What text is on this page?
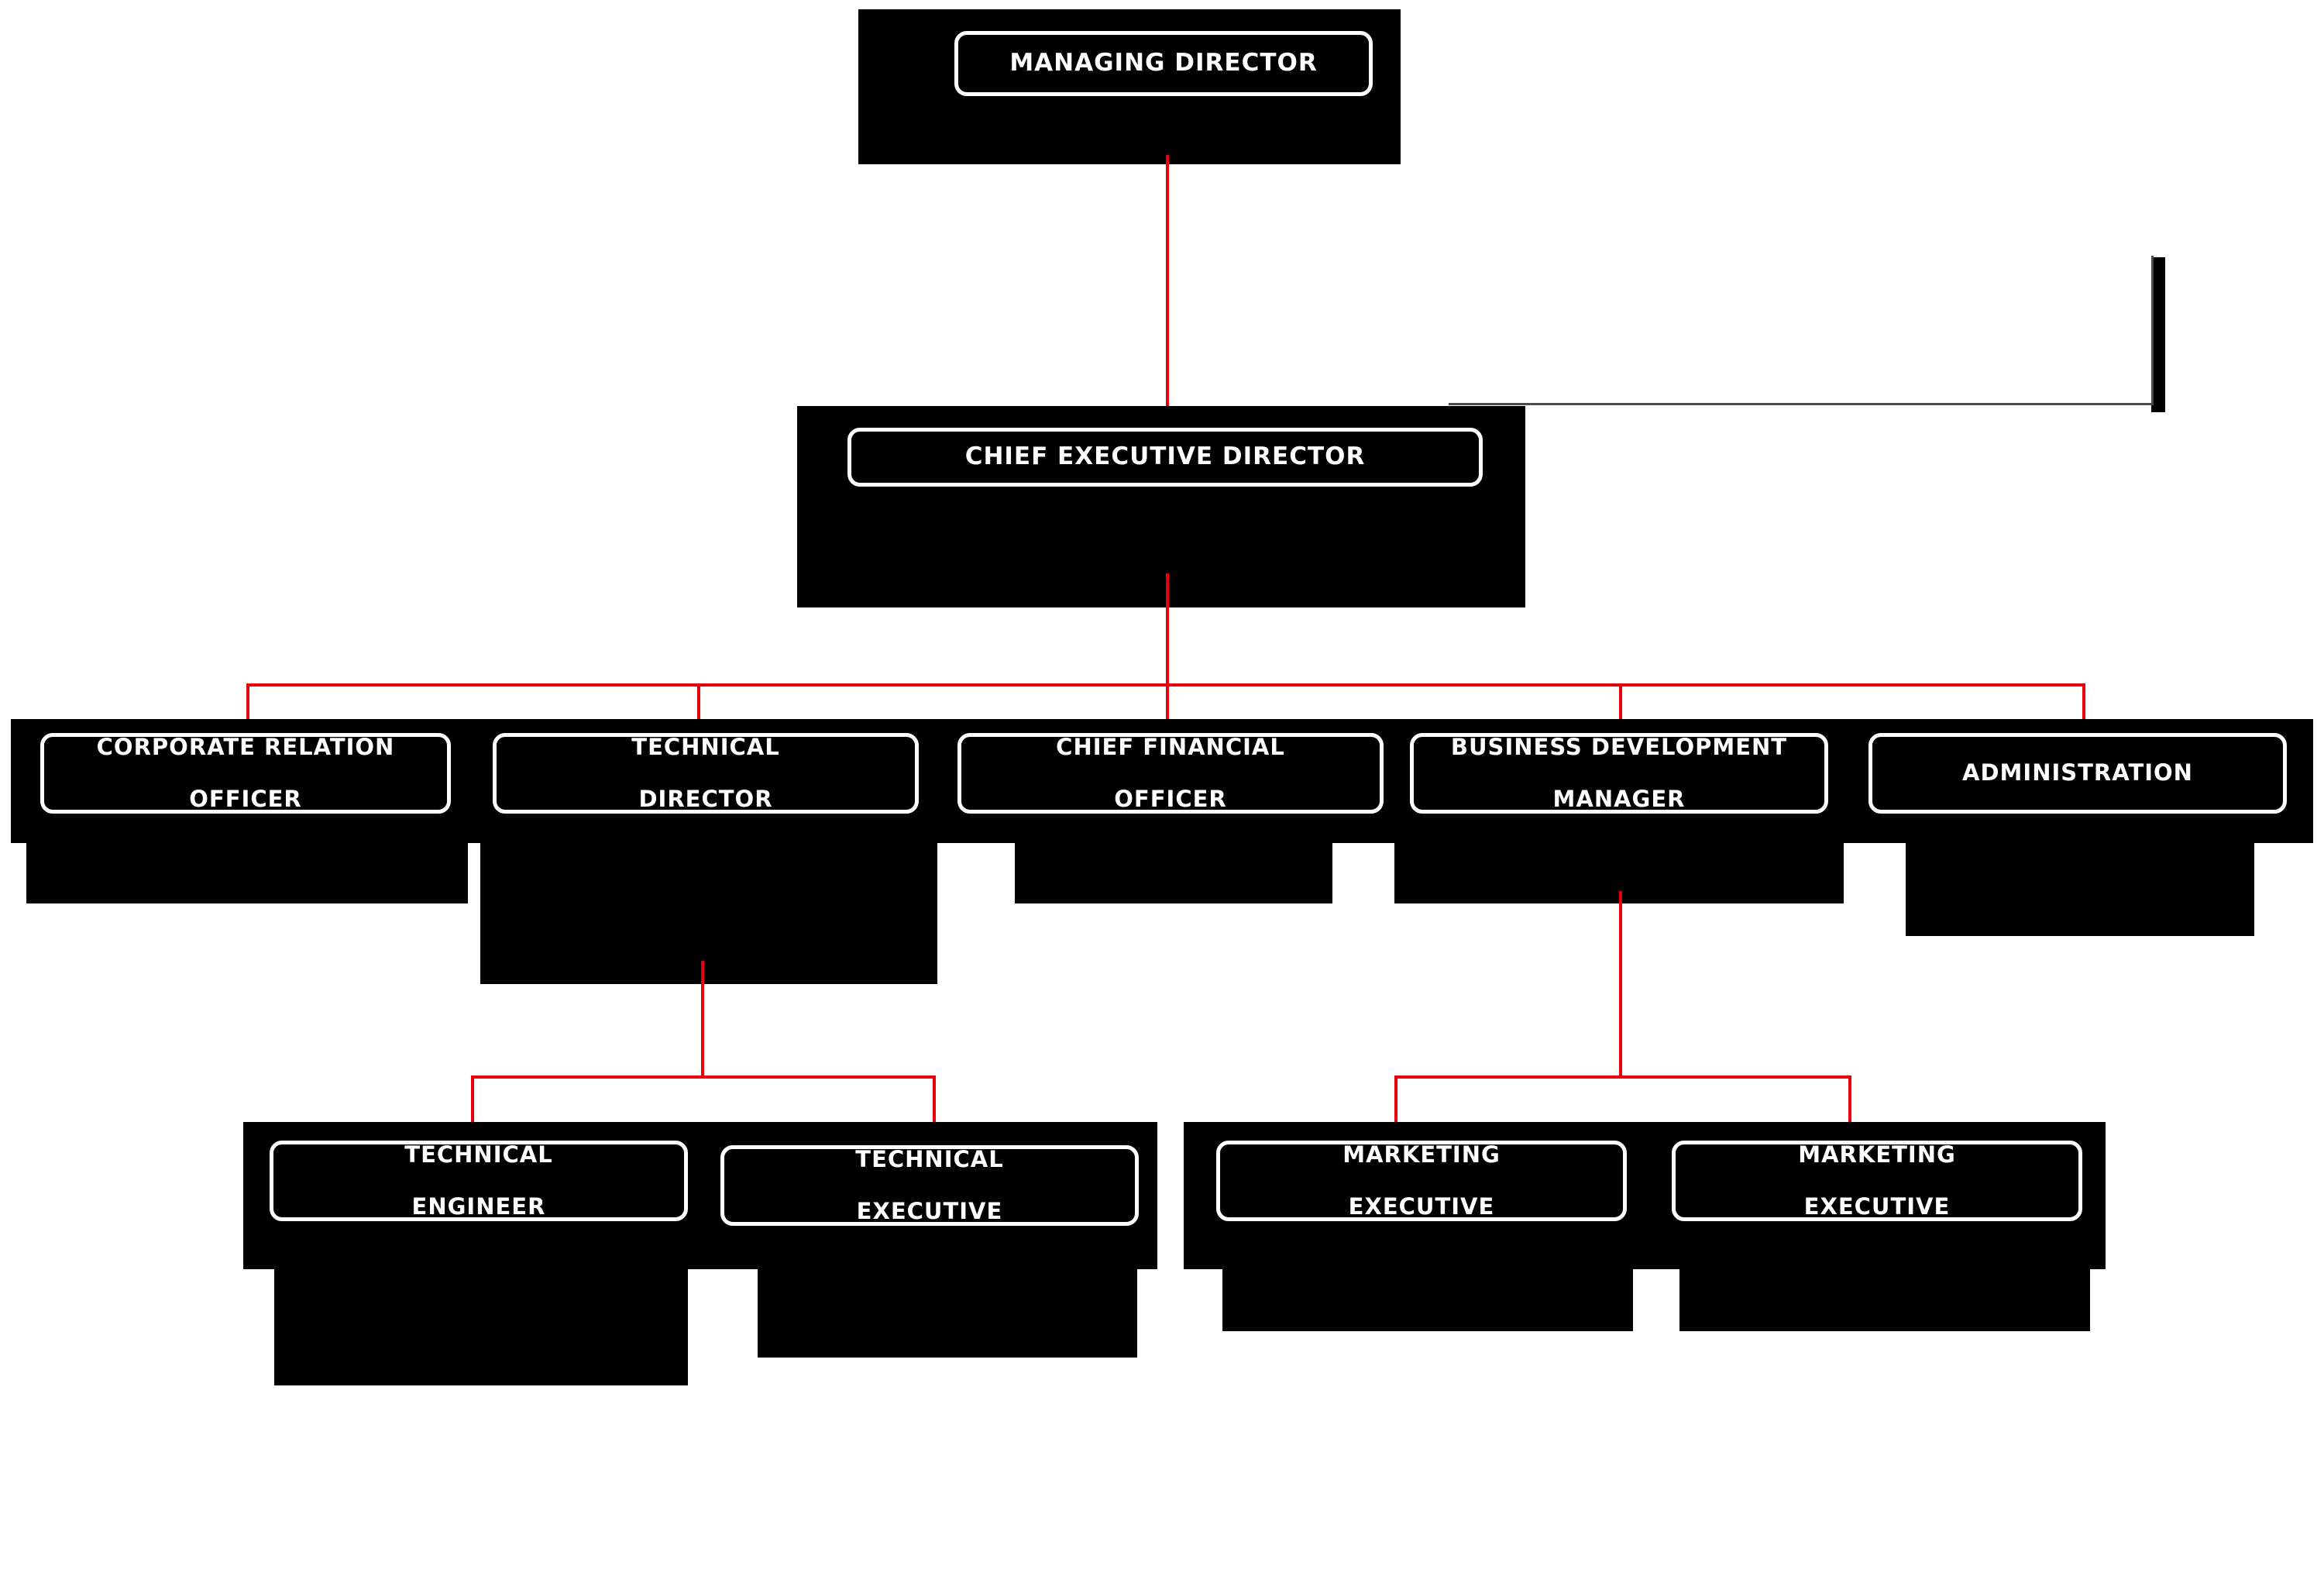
MANAGING DIRECTOR
CHIEF EXECUTIVE DIRECTOR
CORPORATE RELATION

OFFICER
TECHNICAL

DIRECTOR
CHIEF FINANCIAL

OFFICER
BUSINESS DEVELOPMENT

MANAGER
ADMINISTRATION
TECHNICAL

ENGINEER
TECHNICAL

EXECUTIVE
MARKETING

EXECUTIVE
MARKETING

EXECUTIVE
